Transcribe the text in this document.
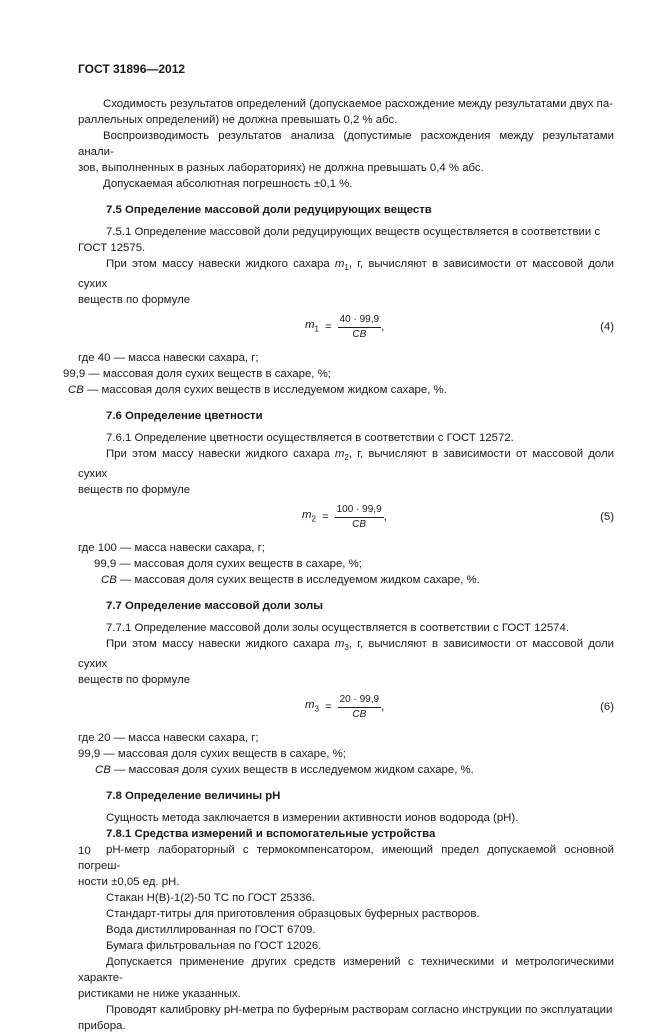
ГОСТ 31896—2012

Сходимость результатов определений (допускаемое расхождение между результатами двух па-

раллельных определений) не должна превышать 0,2 % абс.

Воспроизводимость результатов анализа (допустимые расхождения между результатами анали-

зов, выполненных в разных лабораториях) не должна превышать 0,4 % абс.

Допускаемая абсолютная погрешность ±0,1 %.

7.5 Определение массовой доли редуцирующих веществ

7.5.1 Определение массовой доли редуцирующих веществ осуществляется в соответствии с

ГОСТ 12575.

При этом массу навески жидкого сахара $m_1$, г, вычисляют в зависимости от массовой доли сухих

веществ по формуле

$m_1 = \frac{40 \cdot 99,9}{СВ}$ ,	(4)

где 40 — масса навески сахара, г;

99,9 — массовая доля сухих веществ в сахаре, %;

СВ — массовая доля сухих веществ в исследуемом жидком сахаре, %.

7.6 Определение цветности

7.6.1 Определение цветности осуществляется в соответствии с ГОСТ 12572.

При этом массу навески жидкого сахара $m_2$, г, вычисляют в зависимости от массовой доли сухих

веществ по формуле

$m_2 = \frac{100 \cdot 99,9}{СВ}$ ,	(5)

где 100 — масса навески сахара, г;

99,9 — массовая доля сухих веществ в сахаре, %;

СВ — массовая доля сухих веществ в исследуемом жидком сахаре, %.

7.7 Определение массовой доли золы

7.7.1 Определение массовой доли золы осуществляется в соответствии с ГОСТ 12574.

При этом массу навески жидкого сахара $m_3$, г, вычисляют в зависимости от массовой доли сухих

веществ по формуле

$m_3 = \frac{20 \cdot 99,9}{СВ}$ ,	(6)

где 20 — масса навески сахара, г;

99,9 — массовая доля сухих веществ в сахаре, %;

СВ — массовая доля сухих веществ в исследуемом жидком сахаре, %.

7.8 Определение величины pH

Сущность метода заключается в измерении активности ионов водорода (pH).

7.8.1 Средства измерений и вспомогательные устройства

pH-метр лабораторный с термокомпенсатором, имеющий предел допускаемой основной погреш-

ности ±0,05 ед. pH.

Стакан Н(В)-1(2)-50 ТС по ГОСТ 25336.

Стандарт-титры для приготовления образцовых буферных растворов.

Вода дистиллированная по ГОСТ 6709.

Бумага фильтровальная по ГОСТ 12026.

Допускается применение других средств измерений с техническими и метрологическими характе-

ристиками не ниже указанных.

Проводят калибровку pH-метра по буферным растворам согласно инструкции по эксплуатации

прибора.

10
